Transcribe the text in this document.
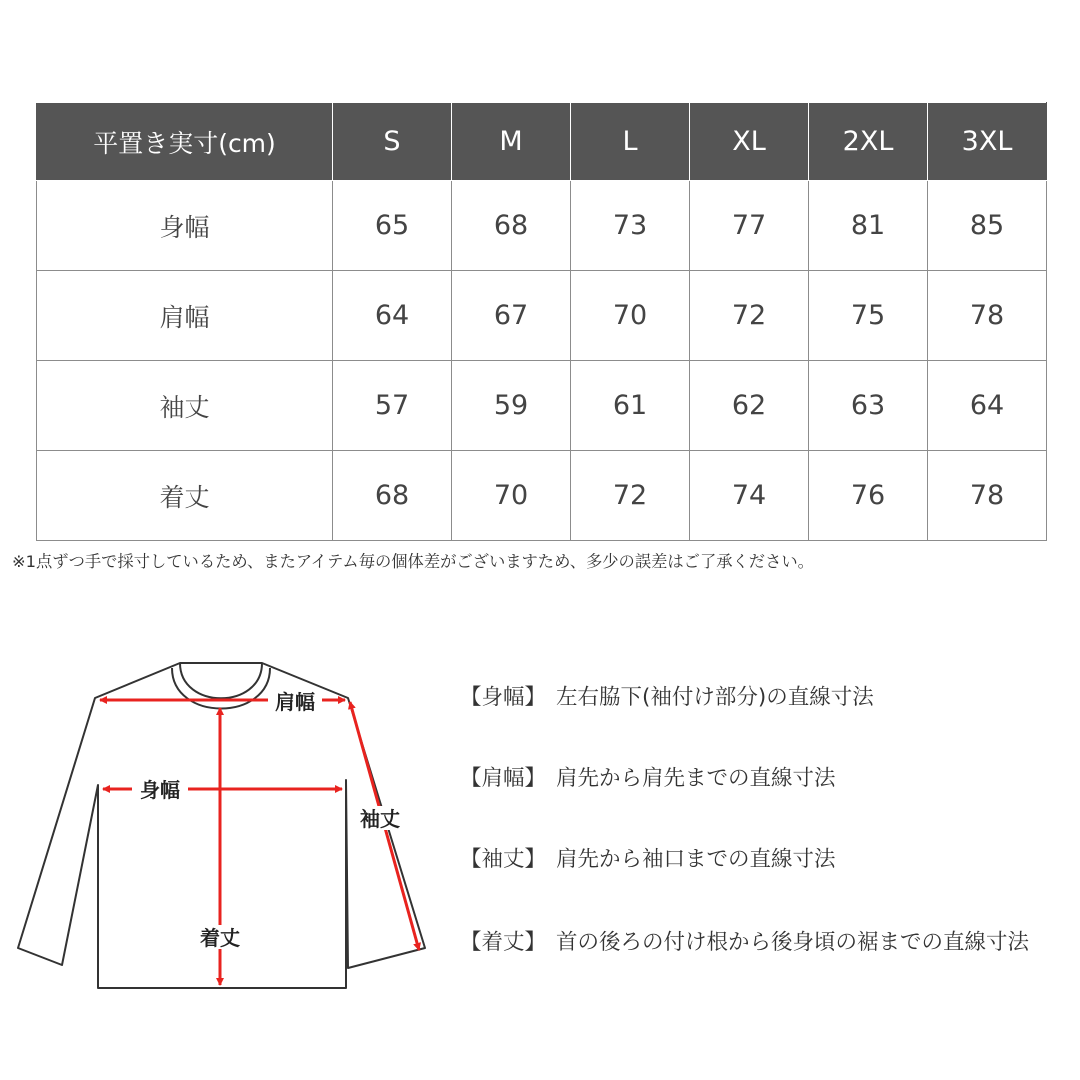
平置き実寸(cm)	S	M	L	XL	2XL	3XL
身幅	65	68	73	77	81	85
肩幅	64	67	70	72	75	78
袖丈	57	59	61	62	63	64
着丈	68	70	72	74	76	78
※1点ずつ手で採寸しているため、またアイテム毎の個体差がございますため、多少の誤差はご了承ください。
肩幅
身幅
袖丈
着丈
【身幅】 左右脇下(袖付け部分)の直線寸法
【肩幅】 肩先から肩先までの直線寸法
【袖丈】 肩先から袖口までの直線寸法
【着丈】 首の後ろの付け根から後身頃の裾までの直線寸法
